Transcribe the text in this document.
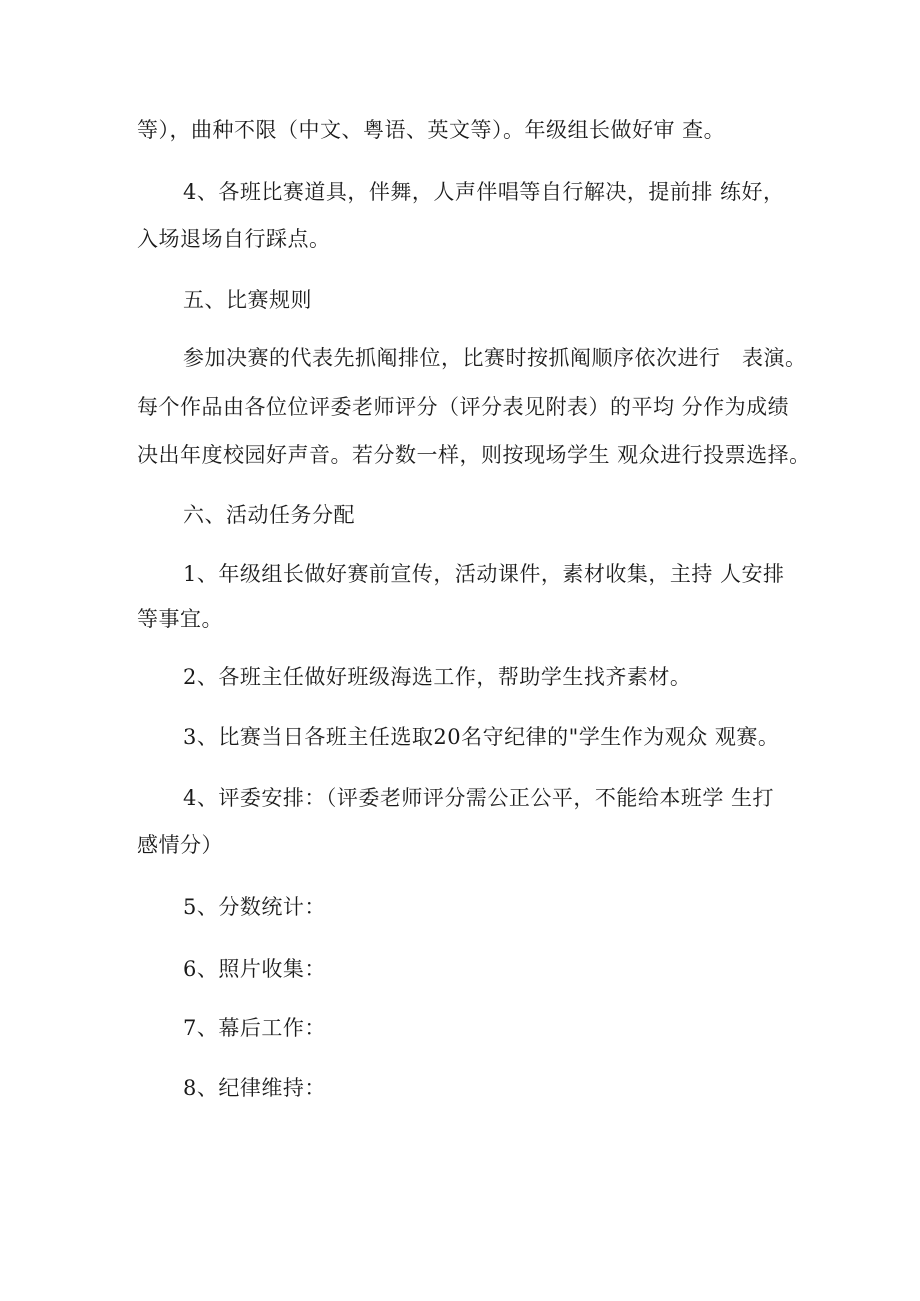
等），曲种不限（中文、粤语、英文等）。年级组长做好审 查。
4、各班比赛道具，伴舞，人声伴唱等自行解决，提前排 练好，
入场退场自行踩点。
五、比赛规则
参加决赛的代表先抓阄排位，比赛时按抓阄顺序依次进行　表演。
每个作品由各位位评委老师评分（评分表见附表）的平均 分作为成绩
决出年度校园好声音。若分数一样，则按现场学生 观众进行投票选择。
六、活动任务分配
1、年级组长做好赛前宣传，活动课件，素材收集，主持 人安排
等事宜。
2、各班主任做好班级海选工作，帮助学生找齐素材。
3、比赛当日各班主任选取20名守纪律的"学生作为观众 观赛。
4、评委安排：（评委老师评分需公正公平，不能给本班学 生打
感情分）
5、分数统计：
6、照片收集：
7、幕后工作：
8、纪律维持：
